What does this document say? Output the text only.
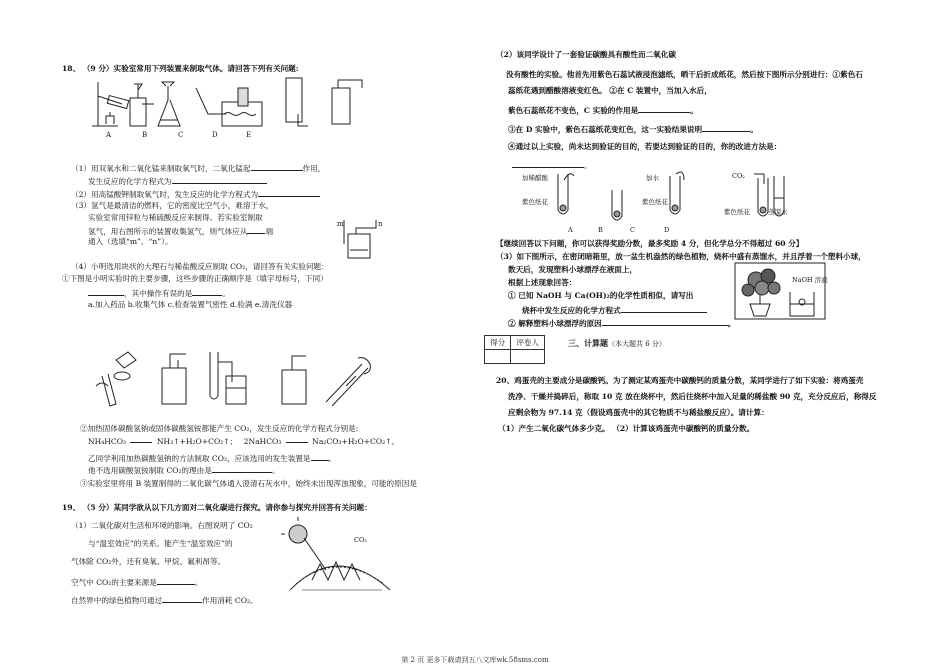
18、 （9 分）实验室常用下列装置来制取气体。请回答下列有关问题:
A	B	C	D	E
（1）用双氧水和二氧化锰来制取氧气时，二氧化锰起	作用，
发生反应的化学方程式为
（2）用高锰酸钾制取氧气时，发生反应的化学方程式为
（3）氢气是最清洁的燃料，它的密度比空气小，难溶于水，
实验室常用锌粒与稀硫酸反应来制得。若实验室制取
氢气，用右图所示的装置收集氢气，则气体应从 端
通入（选填“m”、“n”）。
m	n
（4）小明选用块状的大理石与稀盐酸反应制取 CO₂，请回答有关实验问题：
①下图是小明实验时的主要步骤，这些步骤的正确顺序是（填字母标号，下同）
，其中操作有误的是	。
a.加入药品 b.收集气体 c.检查装置气密性 d.验满 e.清洗仪器
②加热固体碳酸氢钠或固体碳酸氢铵都能产生 CO₂，发生反应的化学方程式分别是:
NH₄HCO₃	NH₃↑+H₂O+CO₂↑； 2NaHCO₃	Na₂CO₃+H₂O+CO₂↑。
乙同学利用加热碳酸氢钠的方法制取 CO₂，应该选用的发生装置是 。
他不选用碳酸氢铵制取 CO₂的理由是	。
③实验室里将用 B 装置制得的二氧化碳气体通入澄清石灰水中，始终未出现浑浊现象，可能的原因是
19、 （5 分）某同学欲从以下几方面对二氧化碳进行探究。请你参与探究并回答有关问题：
（1）二氧化碳对生活和环境的影响。右图说明了 CO₂
与“温室效应”的关系。能产生“温室效应”的
气体除 CO₂外，还有臭氧、甲烷、氟利昂等。
空气中 CO₂的主要来源是	。
自然界中的绿色植物可通过	作用消耗 CO₂。
CO₂
（2）该同学设计了一套验证碳酸具有酸性而二氧化碳
没有酸性的实验。他首先用紫色石蕊试液浸泡滤纸，晒干后折成纸花，然后按下图所示分别进行：①紫色石
蕊纸花遇到醋酸溶液变红色。 ②在 C 装置中，当加入水后，
紫色石蕊纸花不变色，C 实验的作用是	。
③在 D 实验中，紫色石蕊纸花变红色，这一实验结果说明	。
④通过以上实验，尚未达到验证的目的，若要达到验证的目的，你的改进方法是：
。
加稀醋酸
紫色纸花
加水
紫色纸花
CO₂
紫色纸花	蒸馏水
A	B	C	D
【继续回答以下问题，你可以获得奖励分数，最多奖励 4 分，但化学总分不得超过 60 分】
（3）如下图所示，在密闭暗箱里，放一盆生机盎然的绿色植物，烧杯中盛有蒸馏水，并且浮着一个塑料小球，
数天后，发现塑料小球漂浮在液面上，
根据上述现象回答：
① 已知 NaOH 与 Ca(OH)₂的化学性质相似，请写出
烧杯中发生反应的化学方程式
② 解释塑料小球漂浮的原因	。
NaOH 溶液
得分	评卷人
		三、计算题（本大题共 6 分）
20、鸡蛋壳的主要成分是碳酸钙。为了测定某鸡蛋壳中碳酸钙的质量分数，某同学进行了如下实验：将鸡蛋壳
洗净、干燥并捣碎后，称取 10 克 放在烧杯中，然后往烧杯中加入足量的稀盐酸 90 克，充分反应后，称得反
应剩余物为 97.14 克（假设鸡蛋壳中的其它物质不与稀盐酸反应）。请计算：
（1）产生二氧化碳气体多少克。 （2）计算该鸡蛋壳中碳酸钙的质量分数。
第 2 页 更多下载请到五八文库wk.58sms.com
